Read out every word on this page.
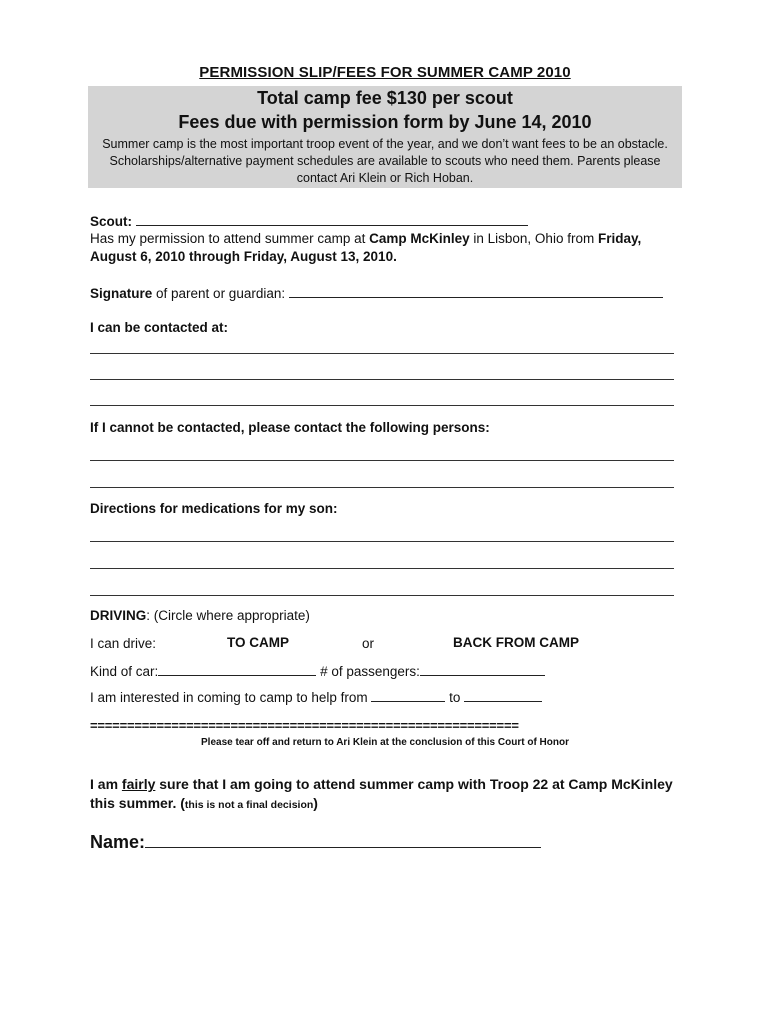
PERMISSION SLIP/FEES FOR SUMMER CAMP 2010
Total camp fee $130 per scout
Fees due with permission form by June 14, 2010
Summer camp is the most important troop event of the year, and we don’t want fees to be an obstacle. Scholarships/alternative payment schedules are available to scouts who need them. Parents please contact Ari Klein or Rich Hoban.
Scout:
Has my permission to attend summer camp at Camp McKinley in Lisbon, Ohio from Friday, August 6, 2010 through Friday, August 13, 2010.
Signature of parent or guardian:
I can be contacted at:
If I cannot be contacted, please contact the following persons:
Directions for medications for my son:
DRIVING: (Circle where appropriate)
I can drive:	TO CAMP	or	BACK FROM CAMP
Kind of car:	# of passengers:
I am interested in coming to camp to help from	to
==========================================================
Please tear off and return to Ari Klein at the conclusion of this Court of Honor
I am fairly sure that I am going to attend summer camp with Troop 22 at Camp McKinley this summer. (this is not a final decision)
Name:
